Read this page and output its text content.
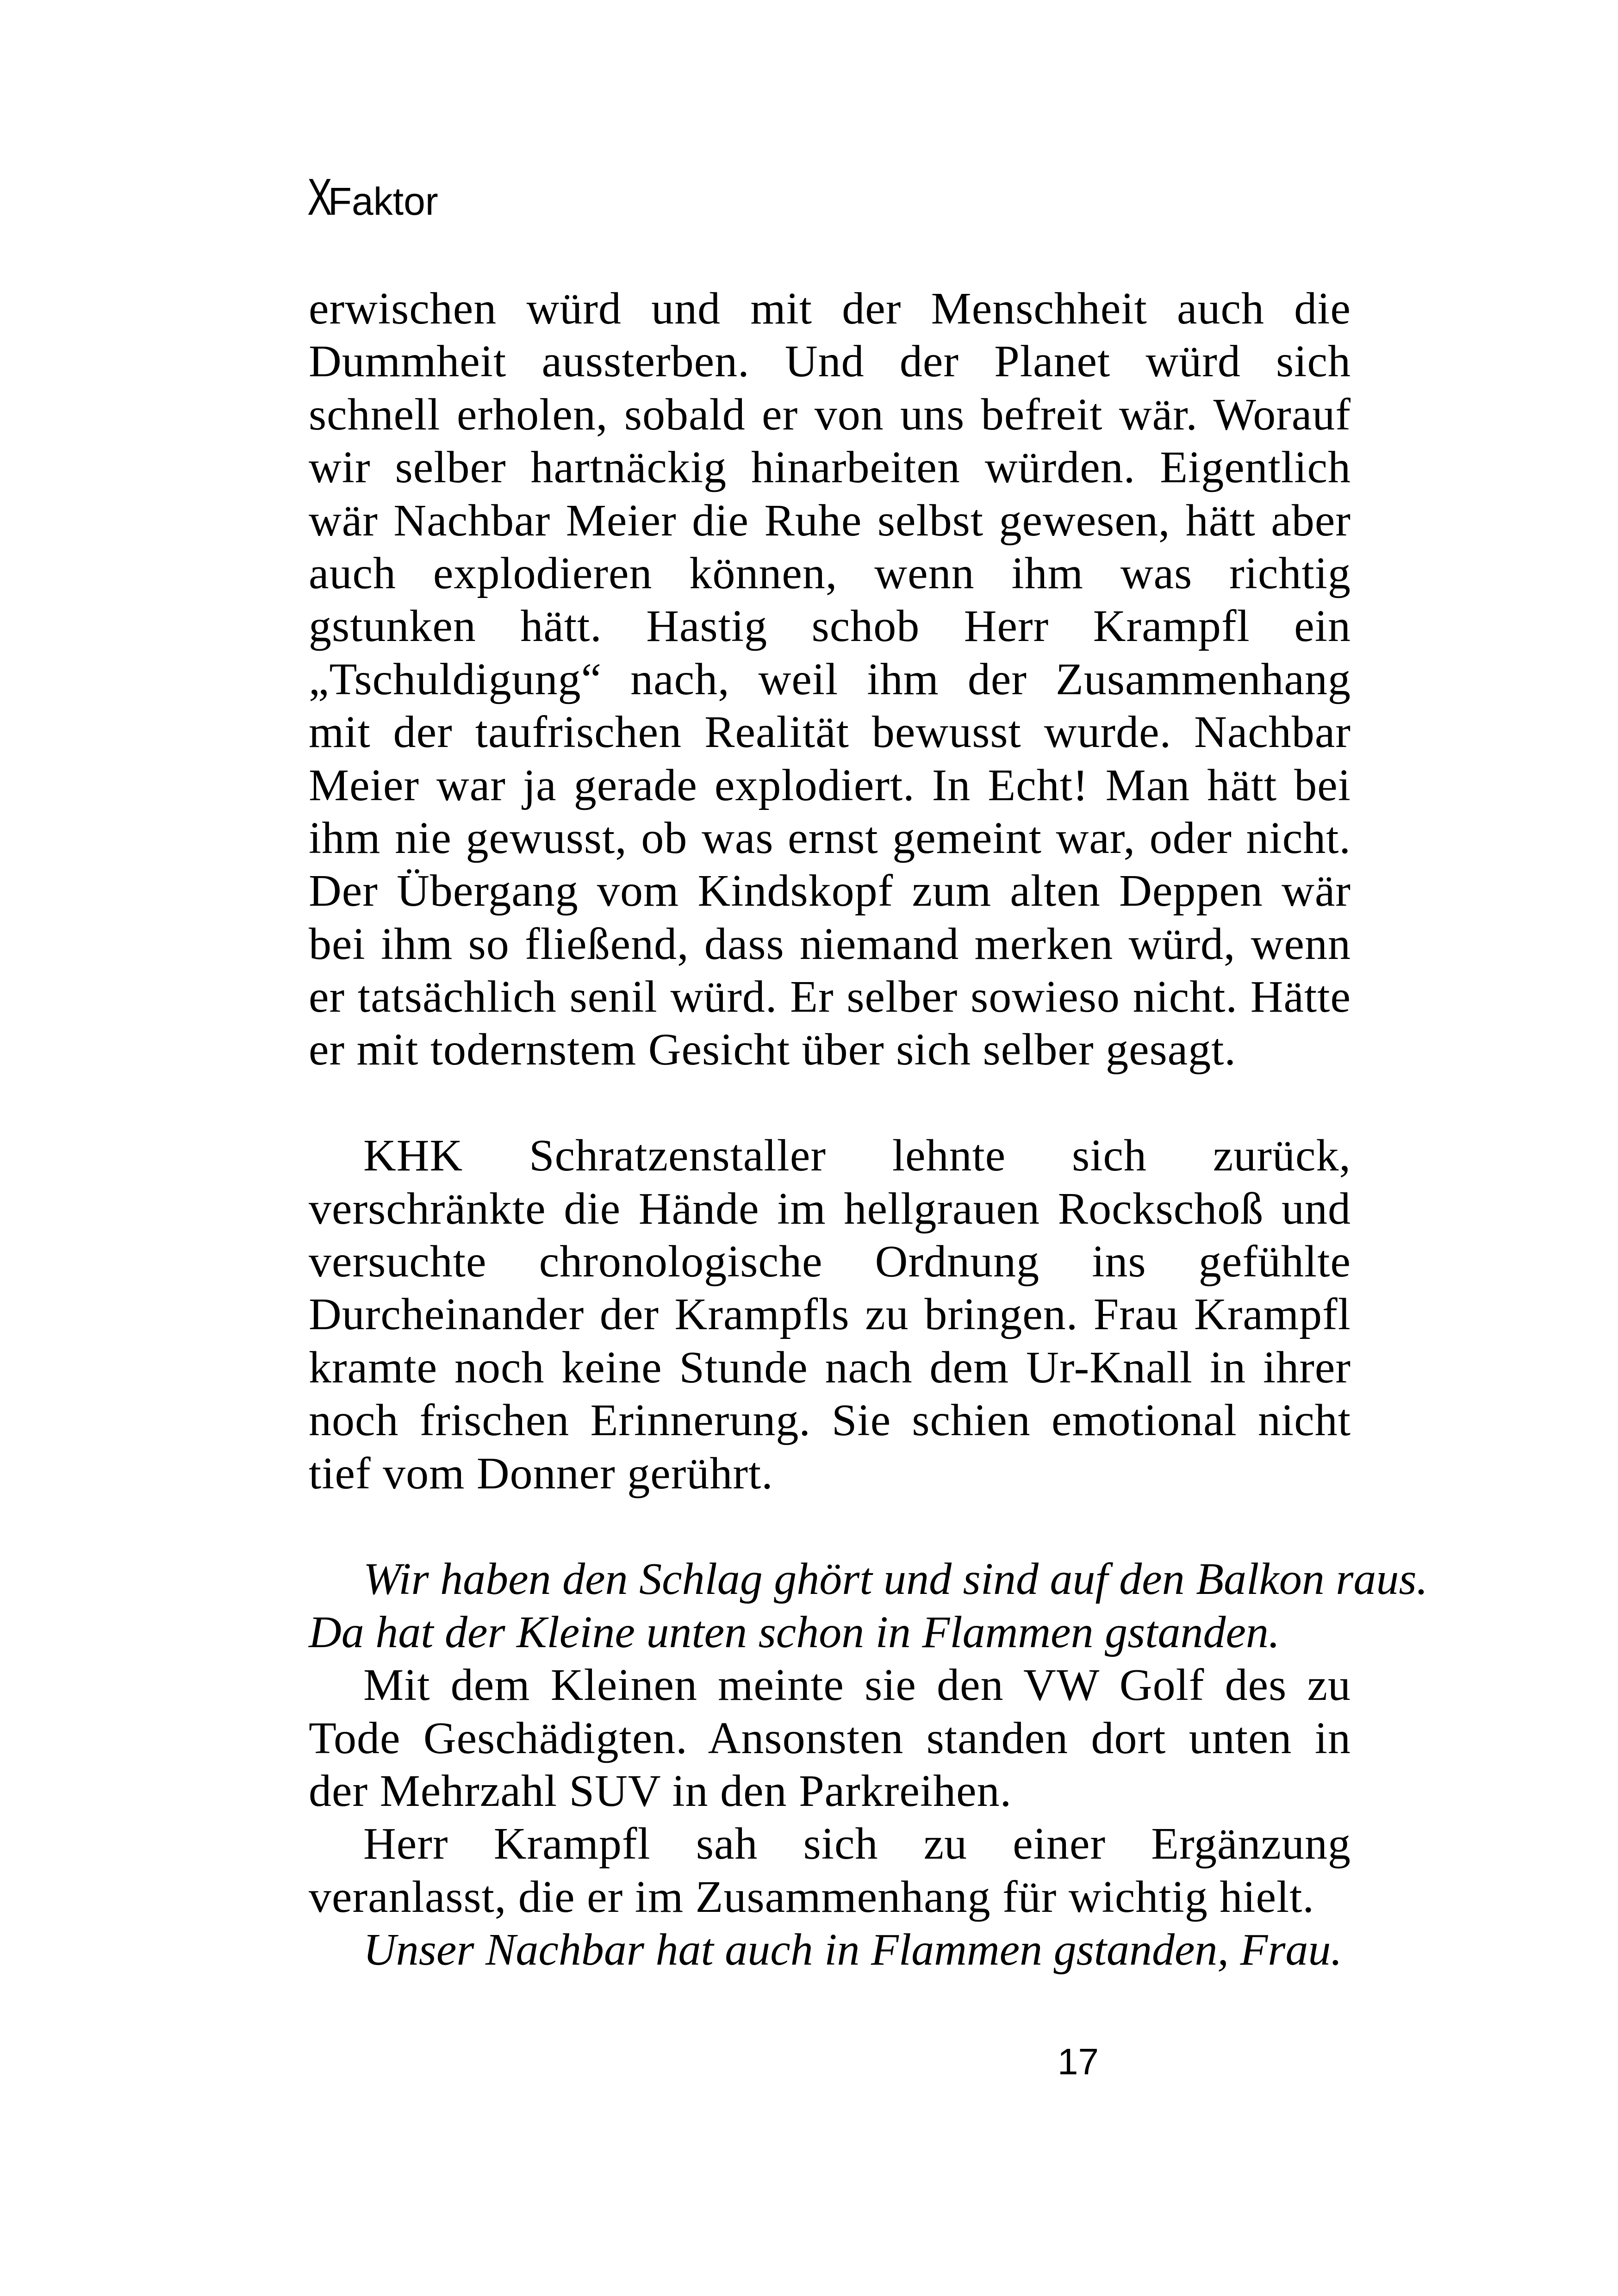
XFaktor
erwischen würd und mit der Menschheit auch die
Dummheit aussterben. Und der Planet würd sich
schnell erholen, sobald er von uns befreit wär. Worauf
wir selber hartnäckig hinarbeiten würden. Eigentlich
wär Nachbar Meier die Ruhe selbst gewesen, hätt aber
auch explodieren können, wenn ihm was richtig
gstunken hätt. Hastig schob Herr Krampfl ein
„Tschuldigung“ nach, weil ihm der Zusammenhang
mit der taufrischen Realität bewusst wurde. Nachbar
Meier war ja gerade explodiert. In Echt! Man hätt bei
ihm nie gewusst, ob was ernst gemeint war, oder nicht.
Der Übergang vom Kindskopf zum alten Deppen wär
bei ihm so fließend, dass niemand merken würd, wenn
er tatsächlich senil würd. Er selber sowieso nicht. Hätte
er mit todernstem Gesicht über sich selber gesagt.
KHK Schratzenstaller lehnte sich zurück,
verschränkte die Hände im hellgrauen Rockschoß und
versuchte chronologische Ordnung ins gefühlte
Durcheinander der Krampfls zu bringen. Frau Krampfl
kramte noch keine Stunde nach dem Ur-Knall in ihrer
noch frischen Erinnerung. Sie schien emotional nicht
tief vom Donner gerührt.
Wir haben den Schlag ghört und sind auf den Balkon raus.
Da hat der Kleine unten schon in Flammen gstanden.
Mit dem Kleinen meinte sie den VW Golf des zu
Tode Geschädigten. Ansonsten standen dort unten in
der Mehrzahl SUV in den Parkreihen.
Herr Krampfl sah sich zu einer Ergänzung
veranlasst, die er im Zusammenhang für wichtig hielt.
Unser Nachbar hat auch in Flammen gstanden, Frau.
17
